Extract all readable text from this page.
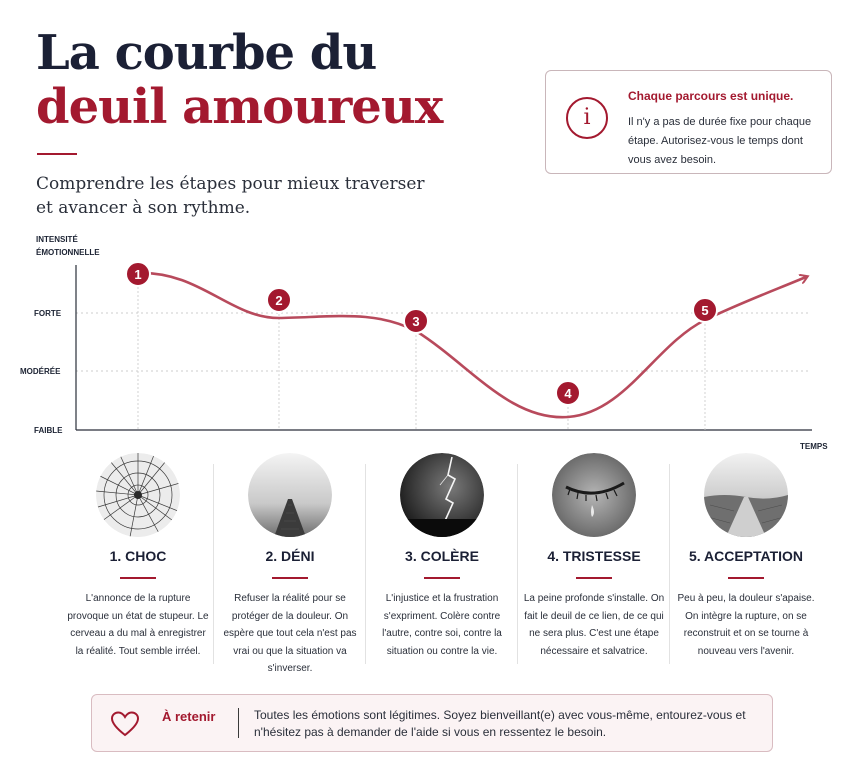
La courbe du
deuil amoureux
Comprendre les étapes pour mieux traverser et avancer à son rythme.
i
Chaque parcours est unique.
Il n'y a pas de durée fixe pour chaque étape. Autorisez-vous le temps dont vous avez besoin.
INTENSITÉ
ÉMOTIONNELLE
FORTE
MODÉRÉE
FAIBLE
TEMPS
1
2
3
4
5
1. CHOC
L'annonce de la rupture provoque un état de stupeur. Le cerveau a du mal à enregistrer la réalité. Tout semble irréel.
2. DÉNI
Refuser la réalité pour se protéger de la douleur. On espère que tout cela n'est pas vrai ou que la situation va s'inverser.
3. COLÈRE
L'injustice et la frustration s'expriment. Colère contre l'autre, contre soi, contre la situation ou contre la vie.
4. TRISTESSE
La peine profonde s'installe. On fait le deuil de ce lien, de ce qui ne sera plus. C'est une étape nécessaire et salvatrice.
5. ACCEPTATION
Peu à peu, la douleur s'apaise. On intègre la rupture, on se reconstruit et on se tourne à nouveau vers l'avenir.
À retenir	Toutes les émotions sont légitimes. Soyez bienveillant(e) avec vous-même, entourez-vous et n'hésitez pas à demander de l'aide si vous en ressentez le besoin.
